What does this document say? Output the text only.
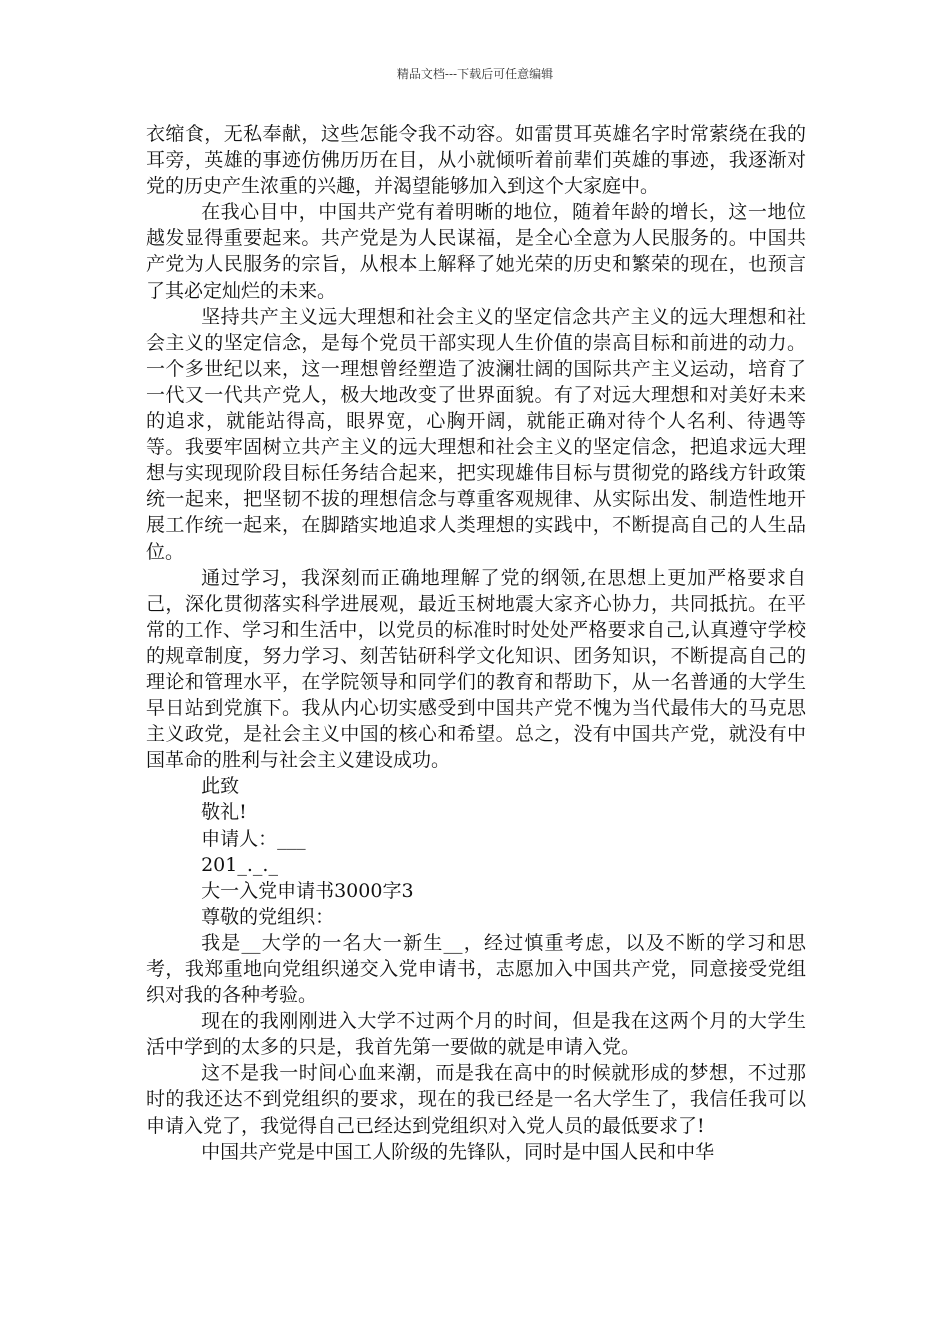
精品文档---下载后可任意编辑

衣缩食，无私奉献，这些怎能令我不动容。如雷贯耳英雄名字时常萦绕在我的耳旁，英雄的事迹仿佛历历在目，从小就倾听着前辈们英雄的事迹，我逐渐对党的历史产生浓重的兴趣，并渴望能够加入到这个大家庭中。

在我心目中，中国共产党有着明晰的地位，随着年龄的增长，这一地位越发显得重要起来。共产党是为人民谋福，是全心全意为人民服务的。中国共产党为人民服务的宗旨，从根本上解释了她光荣的历史和繁荣的现在，也预言了其必定灿烂的未来。

坚持共产主义远大理想和社会主义的坚定信念共产主义的远大理想和社会主义的坚定信念，是每个党员干部实现人生价值的崇高目标和前进的动力。一个多世纪以来，这一理想曾经塑造了波澜壮阔的国际共产主义运动，培育了一代又一代共产党人，极大地改变了世界面貌。有了对远大理想和对美好未来的追求，就能站得高，眼界宽，心胸开阔，就能正确对待个人名利、待遇等等。我要牢固树立共产主义的远大理想和社会主义的坚定信念，把追求远大理想与实现现阶段目标任务结合起来，把实现雄伟目标与贯彻党的路线方针政策统一起来，把坚韧不拔的理想信念与尊重客观规律、从实际出发、制造性地开展工作统一起来，在脚踏实地追求人类理想的实践中，不断提高自己的人生品位。

通过学习，我深刻而正确地理解了党的纲领,在思想上更加严格要求自己，深化贯彻落实科学进展观，最近玉树地震大家齐心协力，共同抵抗。在平常的工作、学习和生活中，以党员的标准时时处处严格要求自己,认真遵守学校的规章制度，努力学习、刻苦钻研科学文化知识、团务知识，不断提高自己的理论和管理水平，在学院领导和同学们的教育和帮助下，从一名普通的大学生早日站到党旗下。我从内心切实感受到中国共产党不愧为当代最伟大的马克思主义政党，是社会主义中国的核心和希望。总之，没有中国共产党，就没有中国革命的胜利与社会主义建设成功。

此致

敬礼!

申请人：___

201_._._

大一入党申请书3000字3

尊敬的党组织：

我是__大学的一名大一新生__，经过慎重考虑，以及不断的学习和思考，我郑重地向党组织递交入党申请书，志愿加入中国共产党，同意接受党组织对我的各种考验。

现在的我刚刚进入大学不过两个月的时间，但是我在这两个月的大学生活中学到的太多的只是，我首先第一要做的就是申请入党。

这不是我一时间心血来潮，而是我在高中的时候就形成的梦想，不过那时的我还达不到党组织的要求，现在的我已经是一名大学生了，我信任我可以申请入党了，我觉得自己已经达到党组织对入党人员的最低要求了!

中国共产党是中国工人阶级的先锋队，同时是中国人民和中华
